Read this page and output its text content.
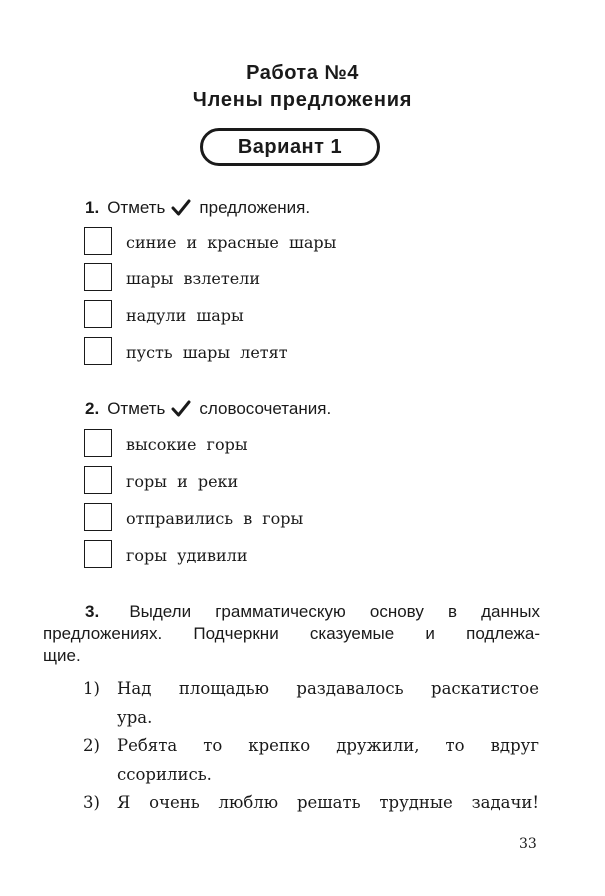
Работа №4
Члены предложения
Вариант 1
1. Отметь предложения.
синие и красные шары
шары взлетели
надули шары
пусть шары летят
2. Отметь словосочетания.
высокие горы
горы и реки
отправились в горы
горы удивили
3. Выдели грамматическую основу в данных
предложениях. Подчеркни сказуемые и подлежа-
щие.
1)	Над площадью раздавалось раскатистое
ура.
2)	Ребята то крепко дружили, то вдруг
ссорились.
3)	Я очень люблю решать трудные задачи!
33
